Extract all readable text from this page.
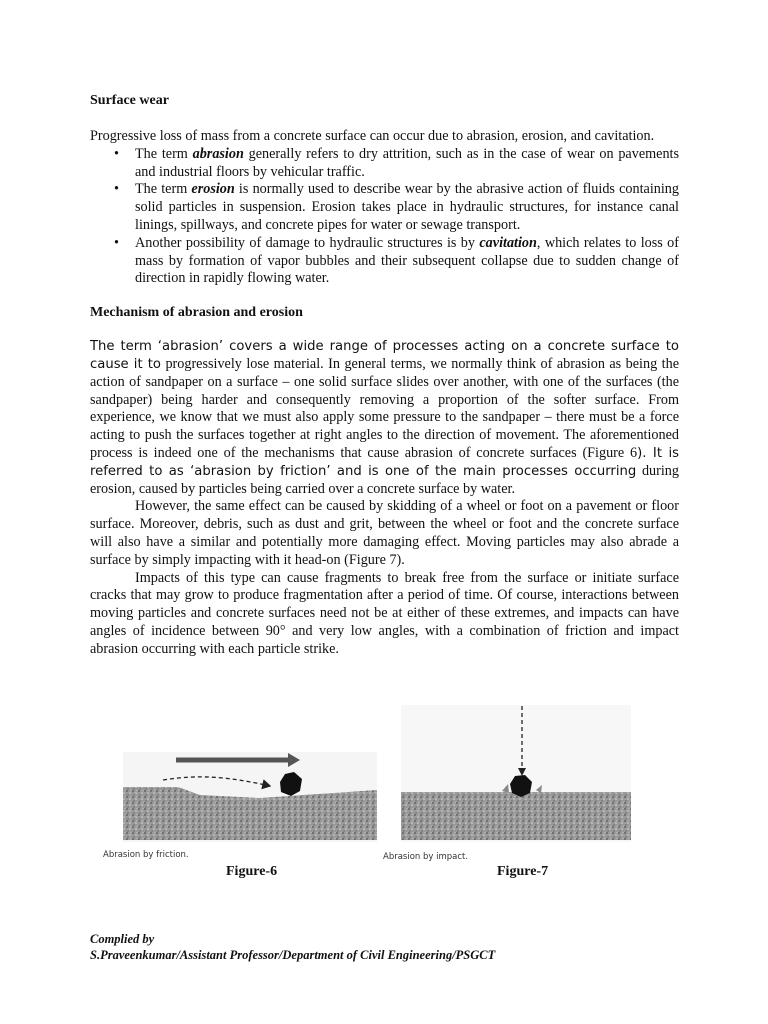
Surface wear

Progressive loss of mass from a concrete surface can occur due to abrasion, erosion, and cavitation.

• The term abrasion generally refers to dry attrition, such as in the case of wear on pavements and industrial floors by vehicular traffic.
• The term erosion is normally used to describe wear by the abrasive action of fluids containing solid particles in suspension. Erosion takes place in hydraulic structures, for instance canal linings, spillways, and concrete pipes for water or sewage transport.
• Another possibility of damage to hydraulic structures is by cavitation, which relates to loss of mass by formation of vapor bubbles and their subsequent collapse due to sudden change of direction in rapidly flowing water.
Mechanism of abrasion and erosion

The term ‘abrasion’ covers a wide range of processes acting on a concrete surface to cause it to progressively lose material. In general terms, we normally think of abrasion as being the action of sandpaper on a surface – one solid surface slides over another, with one of the surfaces (the sandpaper) being harder and consequently removing a proportion of the softer surface. From experience, we know that we must also apply some pressure to the sandpaper – there must be a force acting to push the surfaces together at right angles to the direction of movement. The aforementioned process is indeed one of the mechanisms that cause abrasion of concrete surfaces (Figure 6). It is referred to as ‘abrasion by friction’ and is one of the main processes occurring during erosion, caused by particles being carried over a concrete surface by water.

However, the same effect can be caused by skidding of a wheel or foot on a pavement or floor surface. Moreover, debris, such as dust and grit, between the wheel or foot and the concrete surface will also have a similar and potentially more damaging effect. Moving particles may also abrade a surface by simply impacting with it head-on (Figure 7).

Impacts of this type can cause fragments to break free from the surface or initiate surface cracks that may grow to produce fragmentation after a period of time. Of course, interactions between moving particles and concrete surfaces need not be at either of these extremes, and impacts can have angles of incidence between 90° and very low angles, with a combination of friction and impact abrasion occurring with each particle strike.

Abrasion by friction.	Abrasion by impact.
Figure-6	Figure-7
Complied by
S.Praveenkumar/Assistant Professor/Department of Civil Engineering/PSGCT
